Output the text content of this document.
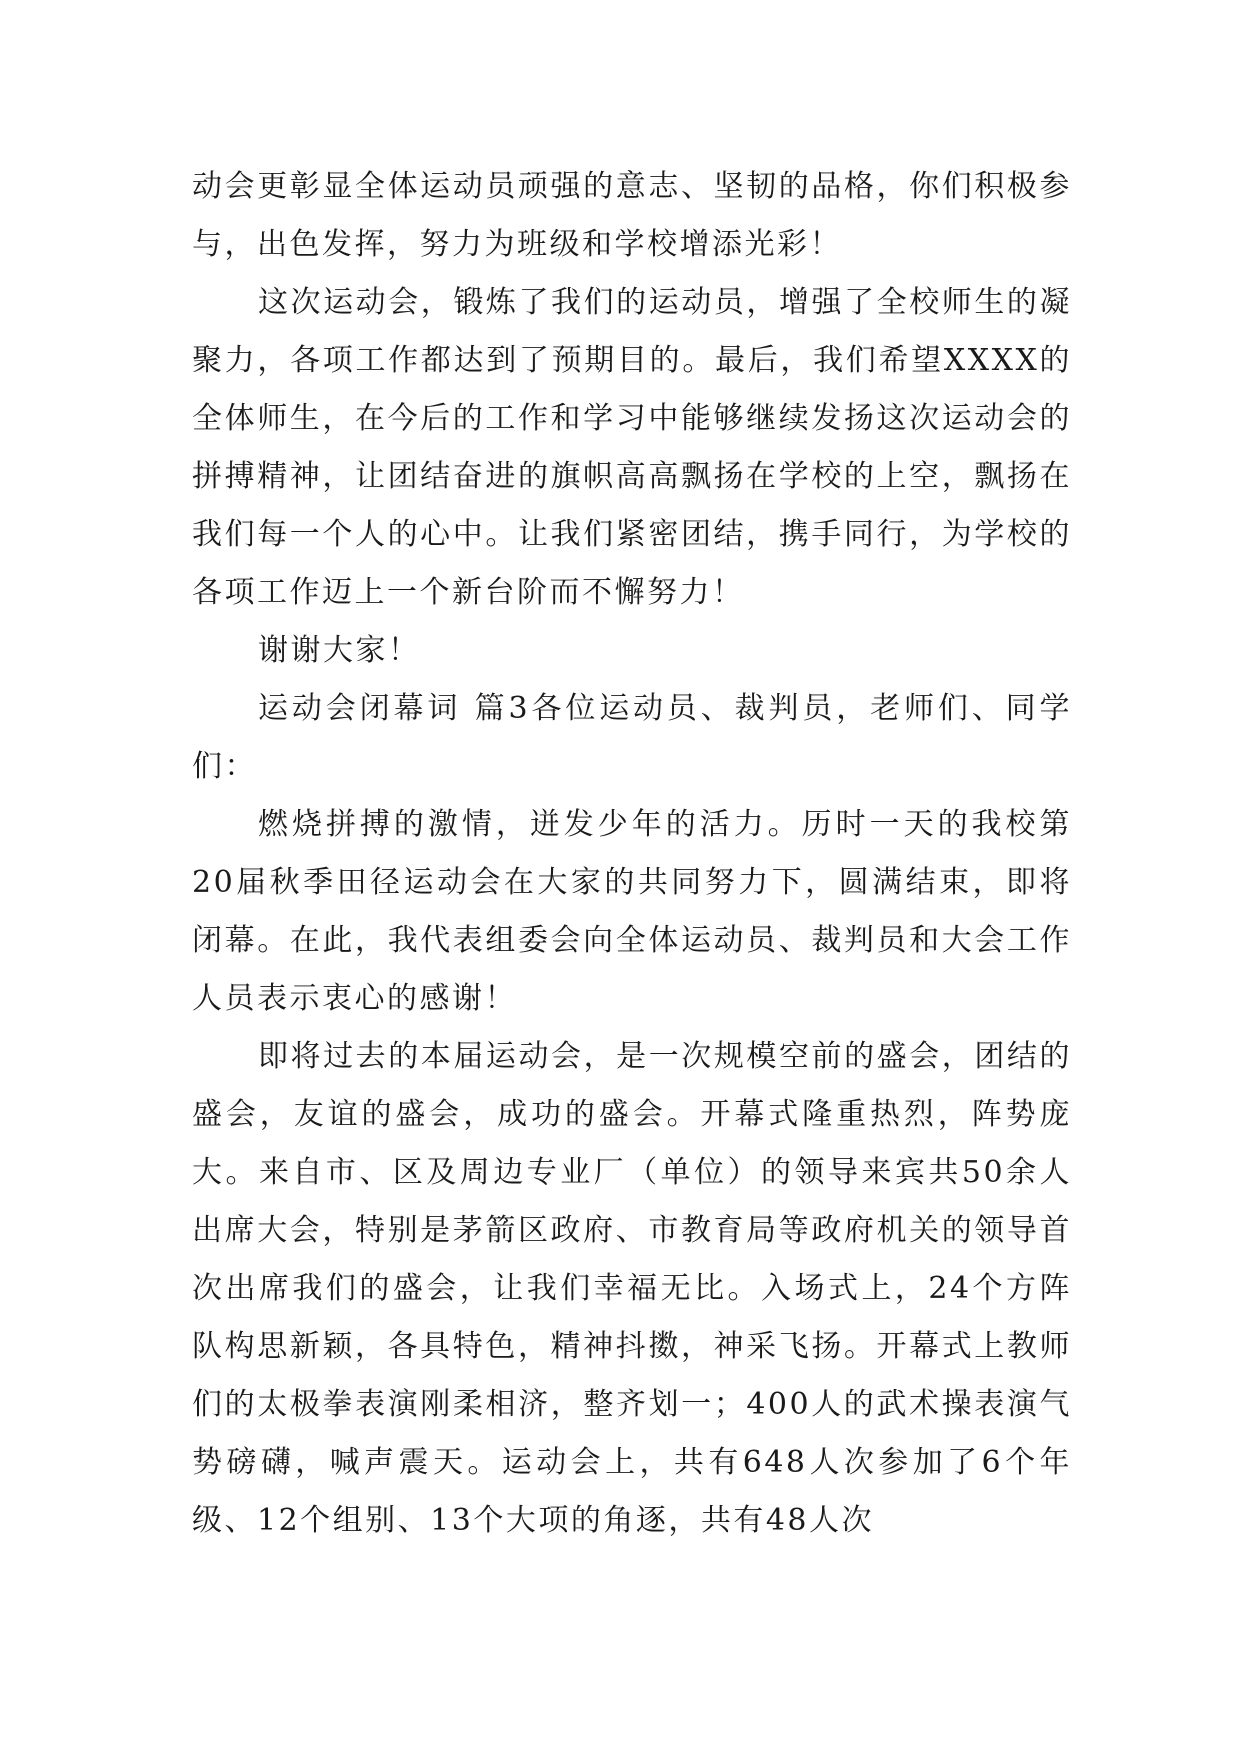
动会更彰显全体运动员顽强的意志、坚韧的品格，你们积极参与，出色发挥，努力为班级和学校增添光彩！

这次运动会，锻炼了我们的运动员，增强了全校师生的凝聚力，各项工作都达到了预期目的。最后，我们希望XXXX的全体师生，在今后的工作和学习中能够继续发扬这次运动会的拼搏精神，让团结奋进的旗帜高高飘扬在学校的上空，飘扬在我们每一个人的心中。让我们紧密团结，携手同行，为学校的各项工作迈上一个新台阶而不懈努力！

谢谢大家！

运动会闭幕词 篇3各位运动员、裁判员，老师们、同学们：

燃烧拼搏的激情，迸发少年的活力。历时一天的我校第20届秋季田径运动会在大家的共同努力下，圆满结束，即将闭幕。在此，我代表组委会向全体运动员、裁判员和大会工作人员表示衷心的感谢！

即将过去的本届运动会，是一次规模空前的盛会，团结的盛会，友谊的盛会，成功的盛会。开幕式隆重热烈，阵势庞大。来自市、区及周边专业厂（单位）的领导来宾共50余人出席大会，特别是茅箭区政府、市教育局等政府机关的领导首次出席我们的盛会，让我们幸福无比。入场式上，24个方阵队构思新颖，各具特色，精神抖擞，神采飞扬。开幕式上教师们的太极拳表演刚柔相济，整齐划一；400人的武术操表演气势磅礴，喊声震天。运动会上，共有648人次参加了6个年级、12个组别、13个大项的角逐，共有48人次
